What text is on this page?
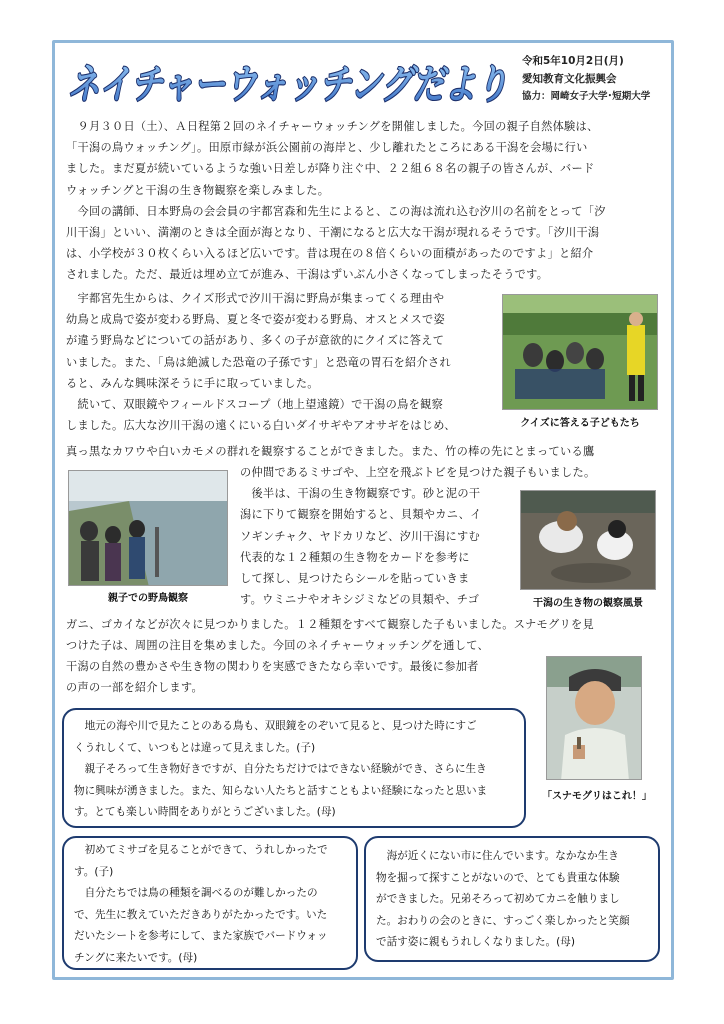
ネイチャーウォッチングだより
令和5年10月2日(月)
愛知教育文化振興会
協力：岡崎女子大学･短期大学
　９月３０日（土）、Ａ日程第２回のネイチャーウォッチングを開催しました。今回の親子自然体験は、
「干潟の鳥ウォッチング」。田原市緑が浜公園前の海岸と、少し離れたところにある干潟を会場に行い
ました。まだ夏が続いているような強い日差しが降り注ぐ中、２２組６８名の親子の皆さんが、バード
ウォッチングと干潟の生き物観察を楽しみました。
　今回の講師、日本野鳥の会会員の宇都宮森和先生によると、この海は流れ込む汐川の名前をとって「汐
川干潟」といい、満潮のときは全面が海となり、干潮になると広大な干潟が現れるそうです。「汐川干潟
は、小学校が３０枚くらい入るほど広いです。昔は現在の８倍くらいの面積があったのですよ」と紹介
されました。ただ、最近は埋め立てが進み、干潟はずいぶん小さくなってしまったそうです。
　宇都宮先生からは、クイズ形式で汐川干潟に野鳥が集まってくる理由や
幼鳥と成鳥で姿が変わる野鳥、夏と冬で姿が変わる野鳥、オスとメスで姿
が違う野鳥などについての話があり、多くの子が意欲的にクイズに答えて
いました。また、「鳥は絶滅した恐竜の子孫です」と恐竜の胃石を紹介され
ると、みんな興味深そうに手に取っていました。
　続いて、双眼鏡やフィールドスコープ（地上望遠鏡）で干潟の鳥を観察
しました。広大な汐川干潟の遠くにいる白いダイサギやアオサギをはじめ、	クイズに答える子どもたち
真っ黒なカワウや白いカモメの群れを観察することができました。また、竹の棒の先にとまっている鷹
の仲間であるミサゴや、上空を飛ぶトビを見つけた親子もいました。
　後半は、干潟の生き物観察です。砂と泥の干
潟に下りて観察を開始すると、貝類やカニ、イ
ソギンチャク、ヤドカリなど、汐川干潟にすむ
代表的な１２種類の生き物をカードを参考に
して探し、見つけたらシールを貼っていきま
す。ウミニナやオキシジミなどの貝類や、チゴ
親子での野鳥観察	干潟の生き物の観察風景
ガニ、ゴカイなどが次々に見つかりました。１２種類をすべて観察した子もいました。スナモグリを見
つけた子は、周囲の注目を集めました。今回のネイチャーウォッチングを通して、
干潟の自然の豊かさや生き物の関わりを実感できたなら幸いです。最後に参加者
の声の一部を紹介します。
「スナモグリはこれ！」
　地元の海や川で見たことのある鳥も、双眼鏡をのぞいて見ると、見つけた時にすご
くうれしくて、いつもとは違って見えました。(子)
　親子そろって生き物好きですが、自分たちだけではできない経験ができ、さらに生き
物に興味が湧きました。また、知らない人たちと話すこともよい経験になったと思いま
す。とても楽しい時間をありがとうございました。(母)
　初めてミサゴを見ることができて、うれしかったで
す。(子)
　自分たちでは鳥の種類を調べるのが難しかったの
で、先生に教えていただきありがたかったです。いた
だいたシートを参考にして、また家族でバードウォッ
チングに来たいです。(母)
　海が近くにない市に住んでいます。なかなか生き
物を掘って探すことがないので、とても貴重な体験
ができました。兄弟そろって初めてカニを触りまし
た。おわりの会のときに、すっごく楽しかったと笑顔
で話す姿に親もうれしくなりました。(母)
